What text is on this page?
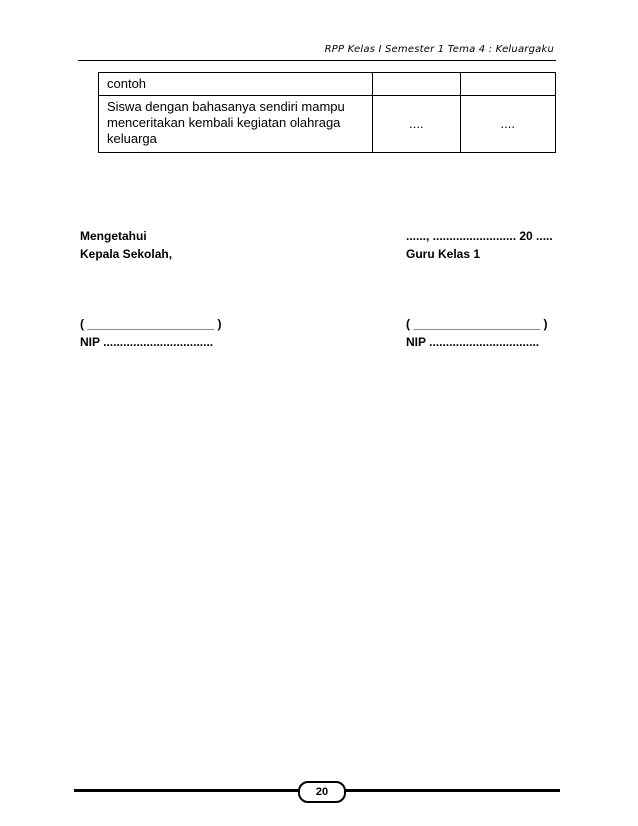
RPP Kelas I Semester 1 Tema 4 : Keluargaku
contoh		
Siswa dengan bahasanya sendiri mampu menceritakan kembali kegiatan olahraga keluarga	....	....
Mengetahui
Kepala Sekolah,
( ___________________ )
NIP .................................
......, ......................... 20 .....
Guru Kelas 1
( ___________________ )
NIP .................................
20
